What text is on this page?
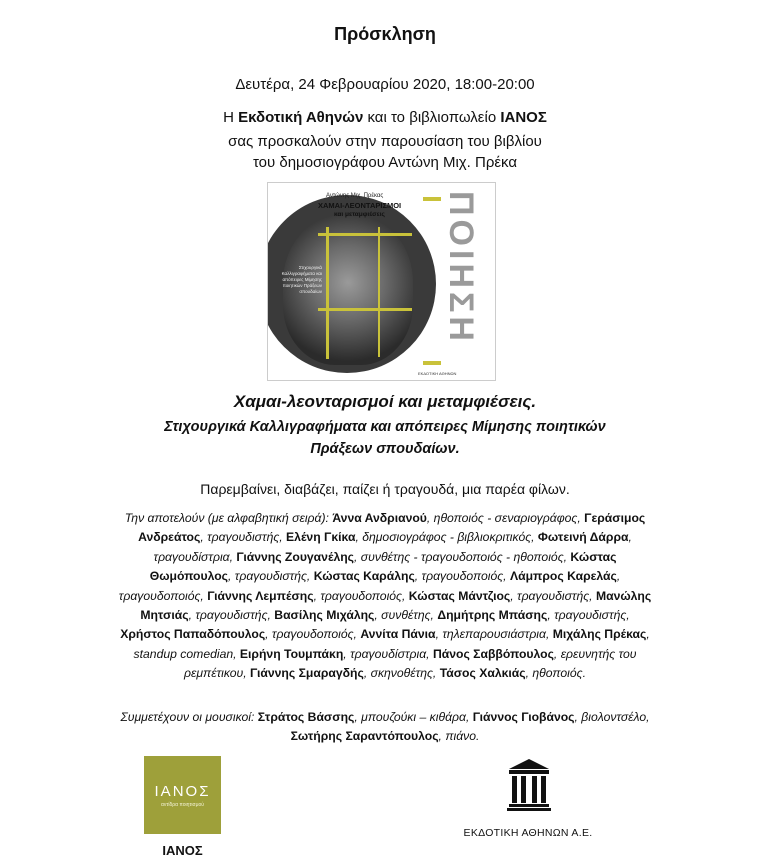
Πρόσκληση
Δευτέρα, 24 Φεβρουαρίου 2020, 18:00-20:00
Η Εκδοτική Αθηνών και το βιβλιοπωλείο ΙΑΝΟΣ
σας προσκαλούν στην παρουσίαση του βιβλίου
του δημοσιογράφου Αντώνη Μιχ. Πρέκα
Αντώνης Μιχ. Πρέκας
ΧΑΜΑΙ-ΛΕΟΝΤΑΡΙΣΜΟΙ
και μεταμφιέσεις
Στιχουργικά Καλλιγραφήματα και απόπειρες Μίμησης ποιητικών Πράξεων σπουδαίων	ΠΟΙΗΣΗ
ΕΚΔΟΤΙΚΗ ΑΘΗΝΩΝ
Χαμαι-λεονταρισμοί και μεταμφιέσεις.
Στιχουργικά Καλλιγραφήματα και απόπειρες Μίμησης ποιητικών
Πράξεων σπουδαίων.
Παρεμβαίνει, διαβάζει, παίζει ή τραγουδά, μια παρέα φίλων.
Την αποτελούν (με αλφαβητική σειρά): Άννα Ανδριανού, ηθοποιός - σεναριογράφος, Γεράσιμος Ανδρεάτος, τραγουδιστής, Ελένη Γκίκα, δημοσιογράφος - βιβλιοκριτικός, Φωτεινή Δάρρα, τραγουδίστρια, Γιάννης Ζουγανέλης, συνθέτης - τραγουδοποιός - ηθοποιός, Κώστας Θωμόπουλος, τραγουδιστής, Κώστας Καράλης, τραγουδοποιός, Λάμπρος Καρελάς, τραγουδοποιός, Γιάννης Λεμπέσης, τραγουδοποιός, Κώστας Μάντζιος, τραγουδιστής, Μανώλης Μητσιάς, τραγουδιστής, Βασίλης Μιχάλης, συνθέτης, Δημήτρης Μπάσης, τραγουδιστής, Χρήστος Παπαδόπουλος, τραγουδοποιός, Αννίτα Πάνια, τηλεπαρουσιάστρια, Μιχάλης Πρέκας, standup comedian, Ειρήνη Τουμπάκη, τραγουδίστρια, Πάνος Σαββόπουλος, ερευνητής του ρεμπέτικου, Γιάννης Σμαραγδής, σκηνοθέτης, Τάσος Χαλκιάς, ηθοποιός.
Συμμετέχουν οι μουσικοί: Στράτος Βάσσης, μπουζούκι – κιθάρα, Γιάννος Γιοβάνος, βιολοντσέλο, Σωτήρης Σαραντόπουλος, πιάνο.
ΙΑΝΟΣ
αντίδρα ποιητισμού
ΙΑΝΟΣ
ΕΚΔΟΤΙΚΗ ΑΘΗΝΩΝ Α.Ε.
